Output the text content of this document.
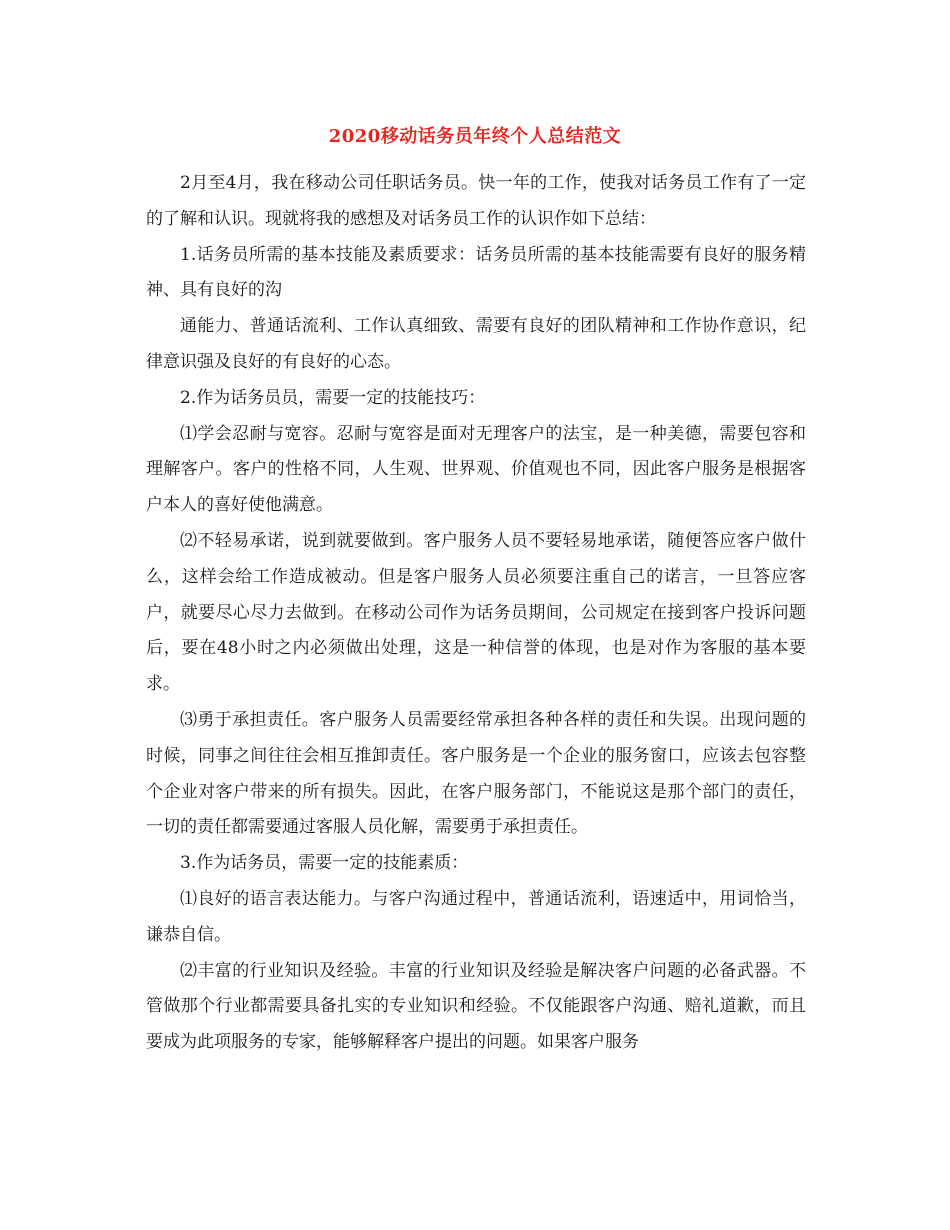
2020移动话务员年终个人总结范文

2月至4月，我在移动公司任职话务员。快一年的工作，使我对话务员工作有了一定的了解和认识。现就将我的感想及对话务员工作的认识作如下总结：

1.话务员所需的基本技能及素质要求：话务员所需的基本技能需要有良好的服务精神、具有良好的沟

通能力、普通话流利、工作认真细致、需要有良好的团队精神和工作协作意识，纪律意识强及良好的有良好的心态。

2.作为话务员员，需要一定的技能技巧：

⑴学会忍耐与宽容。忍耐与宽容是面对无理客户的法宝，是一种美德，需要包容和理解客户。客户的性格不同，人生观、世界观、价值观也不同，因此客户服务是根据客户本人的喜好使他满意。

⑵不轻易承诺，说到就要做到。客户服务人员不要轻易地承诺，随便答应客户做什么，这样会给工作造成被动。但是客户服务人员必须要注重自己的诺言，一旦答应客户，就要尽心尽力去做到。在移动公司作为话务员期间，公司规定在接到客户投诉问题后，要在48小时之内必须做出处理，这是一种信誉的体现，也是对作为客服的基本要求。

⑶勇于承担责任。客户服务人员需要经常承担各种各样的责任和失误。出现问题的时候，同事之间往往会相互推卸责任。客户服务是一个企业的服务窗口，应该去包容整个企业对客户带来的所有损失。因此，在客户服务部门，不能说这是那个部门的责任，一切的责任都需要通过客服人员化解，需要勇于承担责任。

3.作为话务员，需要一定的技能素质：

⑴良好的语言表达能力。与客户沟通过程中，普通话流利，语速适中，用词恰当，谦恭自信。

⑵丰富的行业知识及经验。丰富的行业知识及经验是解决客户问题的必备武器。不管做那个行业都需要具备扎实的专业知识和经验。不仅能跟客户沟通、赔礼道歉，而且要成为此项服务的专家，能够解释客户提出的问题。如果客户服务
